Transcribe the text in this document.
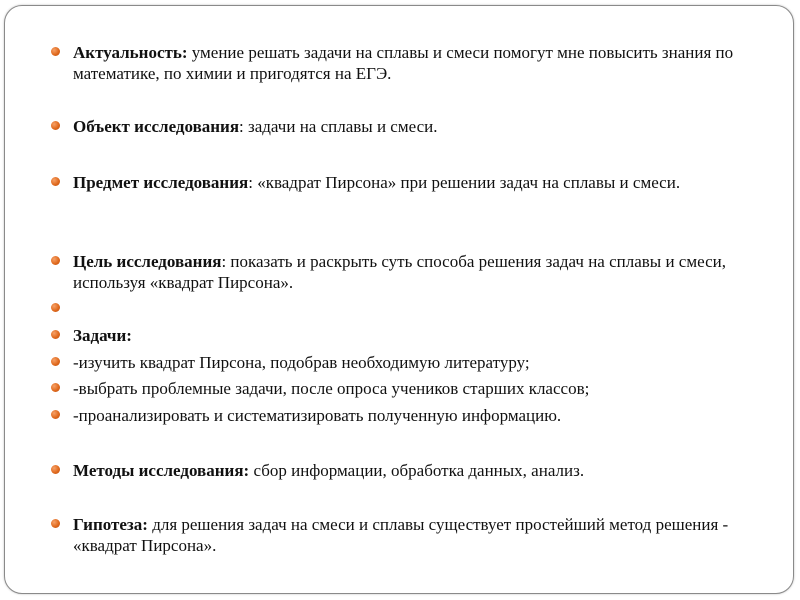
Актуальность: умение решать задачи на сплавы и смеси помогут мне повысить знания по математике, по химии и пригодятся на ЕГЭ.
Объект исследования: задачи на сплавы и смеси.
Предмет исследования: «квадрат Пирсона» при решении задач на сплавы и смеси.
Цель исследования: показать и раскрыть суть способа решения задач на сплавы и смеси, используя «квадрат Пирсона».
Задачи:
-изучить квадрат Пирсона, подобрав необходимую литературу;
-выбрать проблемные задачи, после опроса учеников старших классов;
-проанализировать и систематизировать полученную информацию.
Методы исследования: сбор информации, обработка данных, анализ.
Гипотеза: для решения задач на смеси и сплавы существует простейший метод решения - «квадрат Пирсона».
